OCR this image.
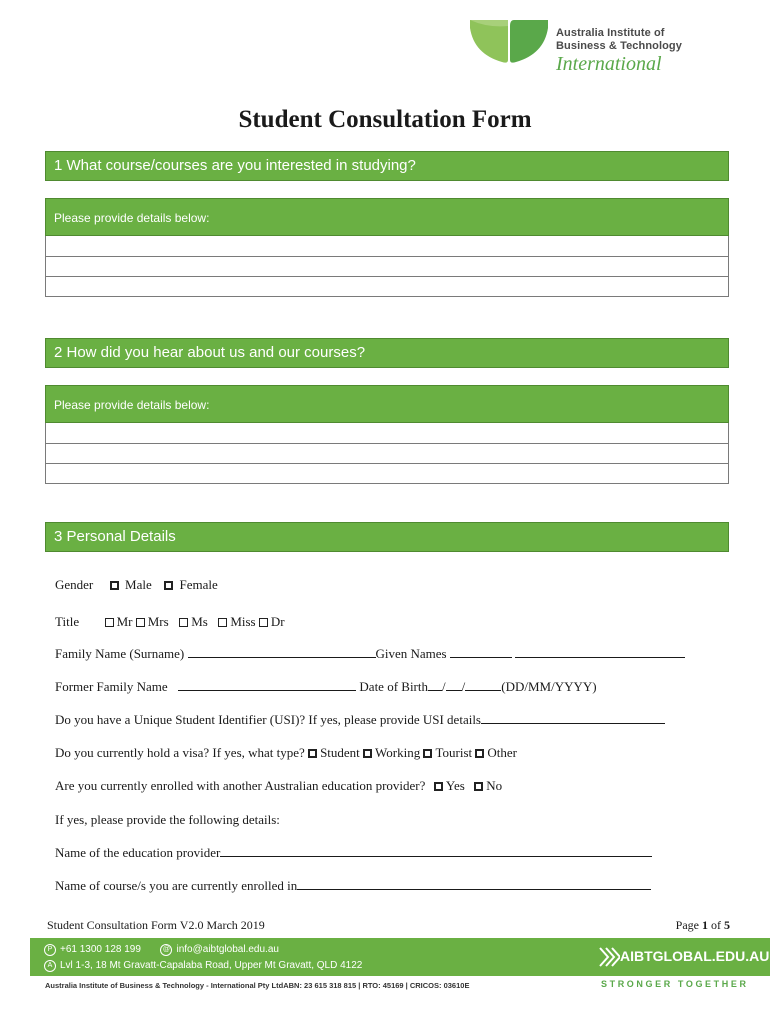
Australia Institute of
Business & Technology
International
Student Consultation Form
1 What course/courses are you interested in studying?
Please provide details below:
2 How did you hear about us and our courses?
Please provide details below:
3 Personal Details
Gender Male Female
Title	Mr Mrs Ms Miss Dr
Family Name (Surname)	Given Names
Former Family Name	Date of Birth / /	(DD/MM/YYYY)
Do you have a Unique Student Identifier (USI)? If yes, please provide USI details
Do you currently hold a visa? If yes, what type? Student Working Tourist Other
Are you currently enrolled with another Australian education provider? Yes No
If yes, please provide the following details:
Name of the education provider
Name of course/s you are currently enrolled in
Student Consultation Form V2.0 March 2019	Page 1 of 5
P +61 1300 128 199	@ info@aibtglobal.edu.au
A Lvl 1-3, 18 Mt Gravatt-Capalaba Road, Upper Mt Gravatt, QLD 4122
AIBTGLOBAL.EDU.AU
Australia Institute of Business & Technology - International Pty LtdABN: 23 615 318 815 | RTO: 45169 | CRICOS: 03610E	STRONGER TOGETHER
